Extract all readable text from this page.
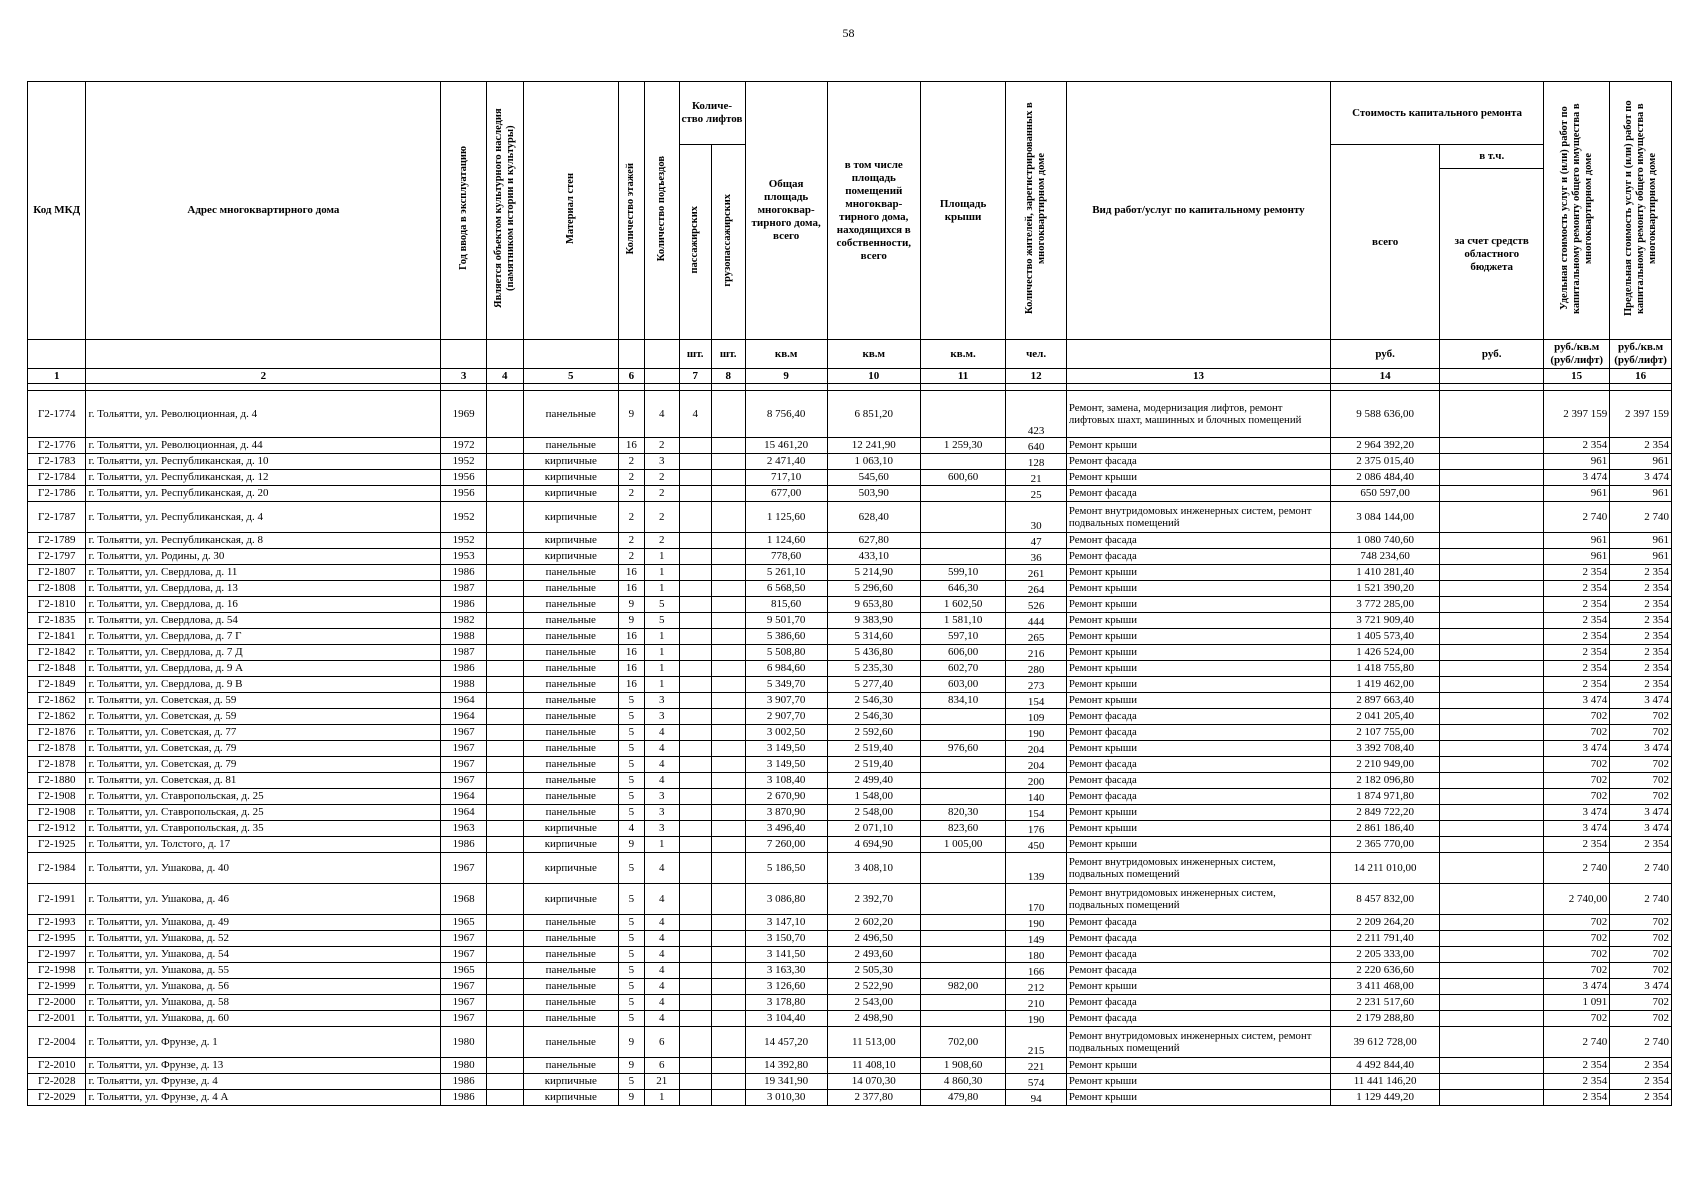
58
Код МКД	Адрес многоквартирного дома	Год ввода в эксплуатацию	Является объектом культурного наследия (памятником истории и культуры)	Материал стен	Количество этажей	Количество подъездов	Количе-ство лифтов		Общая площадь многоквар-тирного дома, всего	в том числе площадь помещений многоквар-тирного дома, находящихся в собственности, всего	Площадь крыши	Количество жителей, зарегистрированных в многоквартирном доме	Вид работ/услуг по капитальному ремонту	Стоимость капитального ремонта		Удельная стоимость услуг и (или) работ по капитальному ремонту общего имущества в многоквартирном доме	Предельная стоимость услуг и (или) работ по капитальному ремонту общего имущества в многоквартирном доме
							пассажирских	грузопассажирских						всего	в т.ч.		
															за счет средств областного бюджета		
							шт.	шт.	кв.м	кв.м	кв.м.	чел.		руб.	руб.	руб./кв.м (руб/лифт)	руб./кв.м (руб/лифт)
1	2	3	4	5	6		7	8	9	10	11	12	13	14		15	16

Г2-1774	г. Тольятти, ул. Революционная, д. 4	1969		панельные	9	4	4		8 756,40	6 851,20		423	Ремонт, замена, модернизация лифтов, ремонт лифтовых шахт, машинных и блочных помещений	9 588 636,00		2 397 159	2 397 159
Г2-1776	г. Тольятти, ул. Революционная, д. 44	1972		панельные	16	2			15 461,20	12 241,90	1 259,30	640	Ремонт крыши	2 964 392,20		2 354	2 354
Г2-1783	г. Тольятти, ул. Республиканская, д. 10	1952		кирпичные	2	3			2 471,40	1 063,10		128	Ремонт фасада	2 375 015,40		961	961
Г2-1784	г. Тольятти, ул. Республиканская, д. 12	1956		кирпичные	2	2			717,10	545,60	600,60	21	Ремонт крыши	2 086 484,40		3 474	3 474
Г2-1786	г. Тольятти, ул. Республиканская, д. 20	1956		кирпичные	2	2			677,00	503,90		25	Ремонт фасада	650 597,00		961	961
Г2-1787	г. Тольятти, ул. Республиканская, д. 4	1952		кирпичные	2	2			1 125,60	628,40		30	Ремонт внутридомовых инженерных систем, ремонт подвальных помещений	3 084 144,00		2 740	2 740
Г2-1789	г. Тольятти, ул. Республиканская, д. 8	1952		кирпичные	2	2			1 124,60	627,80		47	Ремонт фасада	1 080 740,60		961	961
Г2-1797	г. Тольятти, ул. Родины, д. 30	1953		кирпичные	2	1			778,60	433,10		36	Ремонт фасада	748 234,60		961	961
Г2-1807	г. Тольятти, ул. Свердлова, д. 11	1986		панельные	16	1			5 261,10	5 214,90	599,10	261	Ремонт крыши	1 410 281,40		2 354	2 354
Г2-1808	г. Тольятти, ул. Свердлова, д. 13	1987		панельные	16	1			6 568,50	5 296,60	646,30	264	Ремонт крыши	1 521 390,20		2 354	2 354
Г2-1810	г. Тольятти, ул. Свердлова, д. 16	1986		панельные	9	5			815,60	9 653,80	1 602,50	526	Ремонт крыши	3 772 285,00		2 354	2 354
Г2-1835	г. Тольятти, ул. Свердлова, д. 54	1982		панельные	9	5			9 501,70	9 383,90	1 581,10	444	Ремонт крыши	3 721 909,40		2 354	2 354
Г2-1841	г. Тольятти, ул. Свердлова, д. 7 Г	1988		панельные	16	1			5 386,60	5 314,60	597,10	265	Ремонт крыши	1 405 573,40		2 354	2 354
Г2-1842	г. Тольятти, ул. Свердлова, д. 7 Д	1987		панельные	16	1			5 508,80	5 436,80	606,00	216	Ремонт крыши	1 426 524,00		2 354	2 354
Г2-1848	г. Тольятти, ул. Свердлова, д. 9 А	1986		панельные	16	1			6 984,60	5 235,30	602,70	280	Ремонт крыши	1 418 755,80		2 354	2 354
Г2-1849	г. Тольятти, ул. Свердлова, д. 9 В	1988		панельные	16	1			5 349,70	5 277,40	603,00	273	Ремонт крыши	1 419 462,00		2 354	2 354
Г2-1862	г. Тольятти, ул. Советская, д. 59	1964		панельные	5	3			3 907,70	2 546,30	834,10	154	Ремонт крыши	2 897 663,40		3 474	3 474
Г2-1862	г. Тольятти, ул. Советская, д. 59	1964		панельные	5	3			2 907,70	2 546,30		109	Ремонт фасада	2 041 205,40		702	702
Г2-1876	г. Тольятти, ул. Советская, д. 77	1967		панельные	5	4			3 002,50	2 592,60		190	Ремонт фасада	2 107 755,00		702	702
Г2-1878	г. Тольятти, ул. Советская, д. 79	1967		панельные	5	4			3 149,50	2 519,40	976,60	204	Ремонт крыши	3 392 708,40		3 474	3 474
Г2-1878	г. Тольятти, ул. Советская, д. 79	1967		панельные	5	4			3 149,50	2 519,40		204	Ремонт фасада	2 210 949,00		702	702
Г2-1880	г. Тольятти, ул. Советская, д. 81	1967		панельные	5	4			3 108,40	2 499,40		200	Ремонт фасада	2 182 096,80		702	702
Г2-1908	г. Тольятти, ул. Ставропольская, д. 25	1964		панельные	5	3			2 670,90	1 548,00		140	Ремонт фасада	1 874 971,80		702	702
Г2-1908	г. Тольятти, ул. Ставропольская, д. 25	1964		панельные	5	3			3 870,90	2 548,00	820,30	154	Ремонт крыши	2 849 722,20		3 474	3 474
Г2-1912	г. Тольятти, ул. Ставропольская, д. 35	1963		кирпичные	4	3			3 496,40	2 071,10	823,60	176	Ремонт крыши	2 861 186,40		3 474	3 474
Г2-1925	г. Тольятти, ул. Толстого, д. 17	1986		кирпичные	9	1			7 260,00	4 694,90	1 005,00	450	Ремонт крыши	2 365 770,00		2 354	2 354
Г2-1984	г. Тольятти, ул. Ушакова, д. 40	1967		кирпичные	5	4			5 186,50	3 408,10		139	Ремонт внутридомовых инженерных систем, подвальных помещений	14 211 010,00		2 740	2 740
Г2-1991	г. Тольятти, ул. Ушакова, д. 46	1968		кирпичные	5	4			3 086,80	2 392,70		170	Ремонт внутридомовых инженерных систем, подвальных помещений	8 457 832,00		2 740,00	2 740
Г2-1993	г. Тольятти, ул. Ушакова, д. 49	1965		панельные	5	4			3 147,10	2 602,20		190	Ремонт фасада	2 209 264,20		702	702
Г2-1995	г. Тольятти, ул. Ушакова, д. 52	1967		панельные	5	4			3 150,70	2 496,50		149	Ремонт фасада	2 211 791,40		702	702
Г2-1997	г. Тольятти, ул. Ушакова, д. 54	1967		панельные	5	4			3 141,50	2 493,60		180	Ремонт фасада	2 205 333,00		702	702
Г2-1998	г. Тольятти, ул. Ушакова, д. 55	1965		панельные	5	4			3 163,30	2 505,30		166	Ремонт фасада	2 220 636,60		702	702
Г2-1999	г. Тольятти, ул. Ушакова, д. 56	1967		панельные	5	4			3 126,60	2 522,90	982,00	212	Ремонт крыши	3 411 468,00		3 474	3 474
Г2-2000	г. Тольятти, ул. Ушакова, д. 58	1967		панельные	5	4			3 178,80	2 543,00		210	Ремонт фасада	2 231 517,60		1 091	702
Г2-2001	г. Тольятти, ул. Ушакова, д. 60	1967		панельные	5	4			3 104,40	2 498,90		190	Ремонт фасада	2 179 288,80		702	702
Г2-2004	г. Тольятти, ул. Фрунзе, д. 1	1980		панельные	9	6			14 457,20	11 513,00	702,00	215	Ремонт внутридомовых инженерных систем, ремонт подвальных помещений	39 612 728,00		2 740	2 740
Г2-2010	г. Тольятти, ул. Фрунзе, д. 13	1980		панельные	9	6			14 392,80	11 408,10	1 908,60	221	Ремонт крыши	4 492 844,40		2 354	2 354
Г2-2028	г. Тольятти, ул. Фрунзе, д. 4	1986		кирпичные	5	21			19 341,90	14 070,30	4 860,30	574	Ремонт крыши	11 441 146,20		2 354	2 354
Г2-2029	г. Тольятти, ул. Фрунзе, д. 4 А	1986		кирпичные	9	1			3 010,30	2 377,80	479,80	94	Ремонт крыши	1 129 449,20		2 354	2 354
